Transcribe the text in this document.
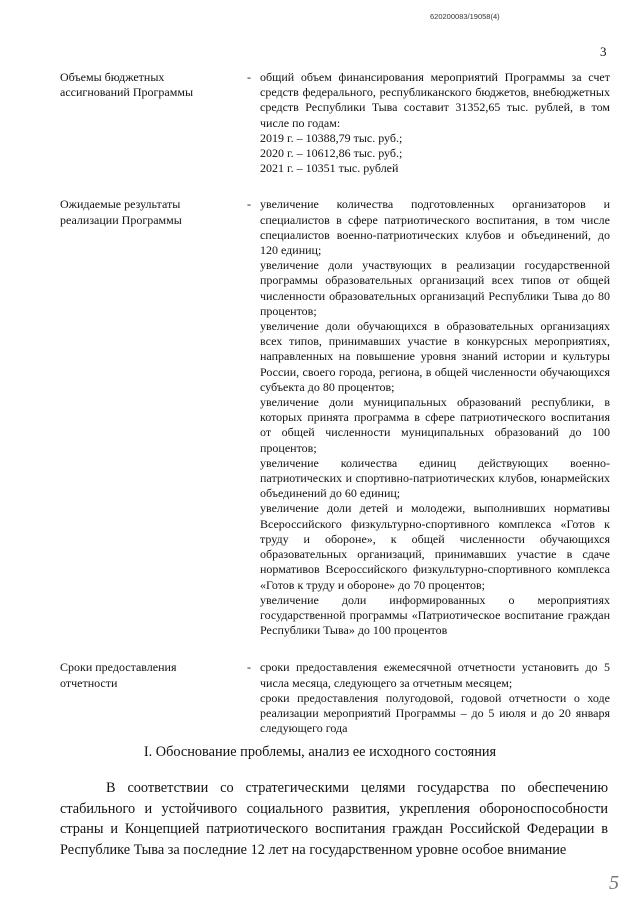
620200083/19058(4)
3
Объемы бюджетных ассигнований Программы
- общий объем финансирования мероприятий Программы за счет средств федерального, республиканского бюджетов, внебюджетных средств Республики Тыва составит 31352,65 тыс. рублей, в том числе по годам:
2019 г. – 10388,79 тыс. руб.;
2020 г. – 10612,86 тыс. руб.;
2021 г. – 10351 тыс. рублей
Ожидаемые результаты реализации Программы
- увеличение количества подготовленных организаторов и специалистов в сфере патриотического воспитания, в том числе специалистов военно-патриотических клубов и объединений, до 120 единиц;
увеличение доли участвующих в реализации государственной программы образовательных организаций всех типов от общей численности образовательных организаций Республики Тыва до 80 процентов;
увеличение доли обучающихся в образовательных организациях всех типов, принимавших участие в конкурсных мероприятиях, направленных на повышение уровня знаний истории и культуры России, своего города, региона, в общей численности обучающихся субъекта до 80 процентов;
увеличение доли муниципальных образований республики, в которых принята программа в сфере патриотического воспитания от общей численности муниципальных образований до 100 процентов;
увеличение количества единиц действующих военно-патриотических и спортивно-патриотических клубов, юнармейских объединений до 60 единиц;
увеличение доли детей и молодежи, выполнивших нормативы Всероссийского физкультурно-спортивного комплекса «Готов к труду и обороне», к общей численности обучающихся образовательных организаций, принимавших участие в сдаче нормативов Всероссийского физкультурно-спортивного комплекса «Готов к труду и обороне» до 70 процентов;
увеличение доли информированных о мероприятиях государственной программы «Патриотическое воспитание граждан Республики Тыва» до 100 процентов
Сроки предоставления отчетности
- сроки предоставления ежемесячной отчетности установить до 5 числа месяца, следующего за отчетным месяцем;
сроки предоставления полугодовой, годовой отчетности о ходе реализации мероприятий Программы – до 5 июля и до 20 января следующего года
I. Обоснование проблемы, анализ ее исходного состояния
В соответствии со стратегическими целями государства по обеспечению стабильного и устойчивого социального развития, укрепления обороноспособности страны и Концепцией патриотического воспитания граждан Российской Федерации в Республике Тыва за последние 12 лет на государственном уровне особое внимание
5
